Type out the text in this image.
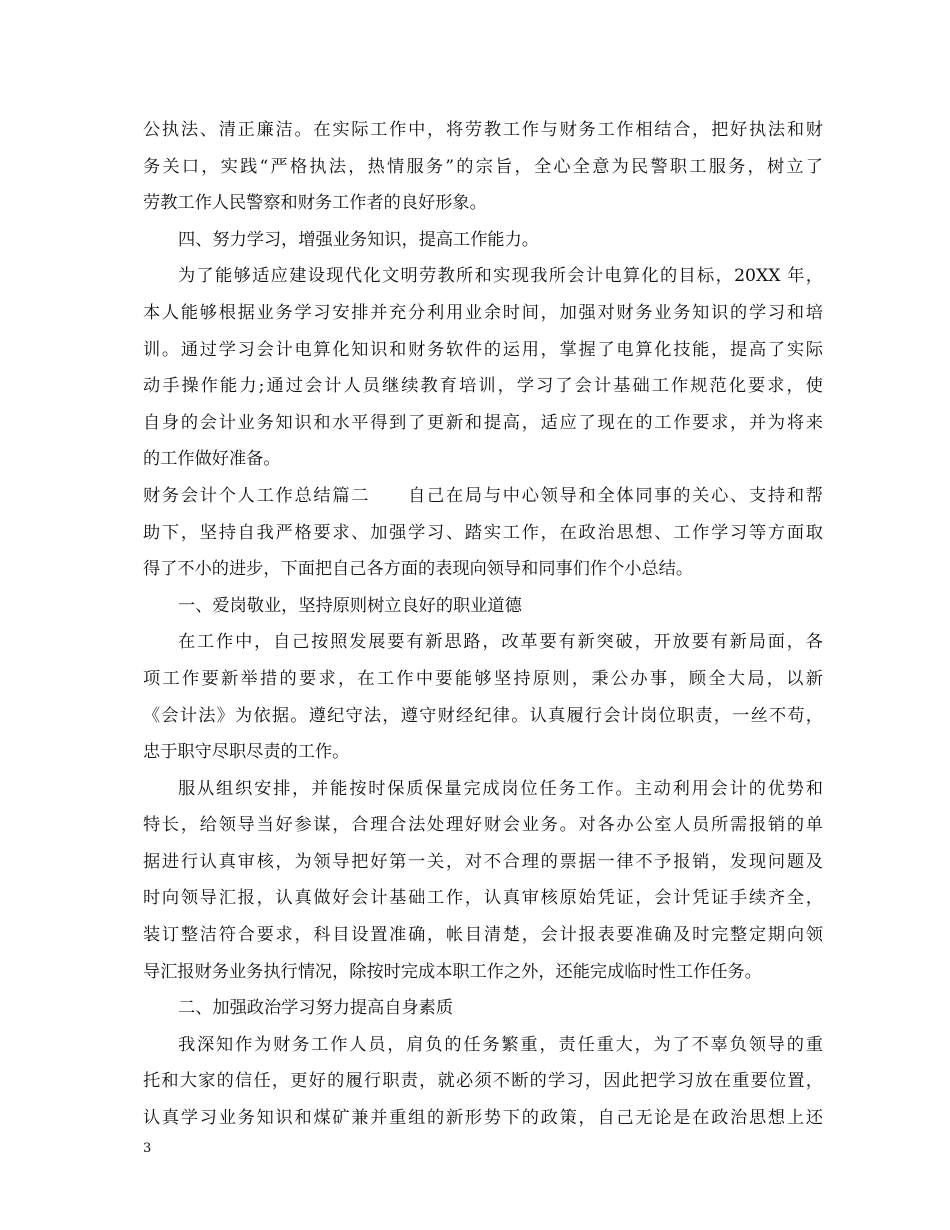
公执法、清正廉洁。在实际工作中，将劳教工作与财务工作相结合，把好执法和财
务关口，实践“严格执法，热情服务”的宗旨，全心全意为民警职工服务，树立了
劳教工作人民警察和财务工作者的良好形象。
四、努力学习，增强业务知识，提高工作能力。
为了能够适应建设现代化文明劳教所和实现我所会计电算化的目标，20XX 年，
本人能够根据业务学习安排并充分利用业余时间，加强对财务业务知识的学习和培
训。通过学习会计电算化知识和财务软件的运用，掌握了电算化技能，提高了实际
动手操作能力;通过会计人员继续教育培训，学习了会计基础工作规范化要求，使
自身的会计业务知识和水平得到了更新和提高，适应了现在的工作要求，并为将来
的工作做好准备。
财务会计个人工作总结篇二　　自己在局与中心领导和全体同事的关心、支持和帮
助下，坚持自我严格要求、加强学习、踏实工作，在政治思想、工作学习等方面取
得了不小的进步，下面把自己各方面的表现向领导和同事们作个小总结。
一、爱岗敬业，坚持原则树立良好的职业道德
在工作中，自己按照发展要有新思路，改革要有新突破，开放要有新局面，各
项工作要新举措的要求，在工作中要能够坚持原则，秉公办事，顾全大局，以新
《会计法》为依据。遵纪守法，遵守财经纪律。认真履行会计岗位职责，一丝不苟，
忠于职守尽职尽责的工作。
服从组织安排，并能按时保质保量完成岗位任务工作。主动利用会计的优势和
特长，给领导当好参谋，合理合法处理好财会业务。对各办公室人员所需报销的单
据进行认真审核，为领导把好第一关，对不合理的票据一律不予报销，发现问题及
时向领导汇报，认真做好会计基础工作，认真审核原始凭证，会计凭证手续齐全，
装订整洁符合要求，科目设置准确，帐目清楚，会计报表要准确及时完整定期向领
导汇报财务业务执行情况，除按时完成本职工作之外，还能完成临时性工作任务。
二、加强政治学习努力提高自身素质
我深知作为财务工作人员，肩负的任务繁重，责任重大，为了不辜负领导的重
托和大家的信任，更好的履行职责，就必须不断的学习，因此把学习放在重要位置，
认真学习业务知识和煤矿兼并重组的新形势下的政策，自己无论是在政治思想上还
3
